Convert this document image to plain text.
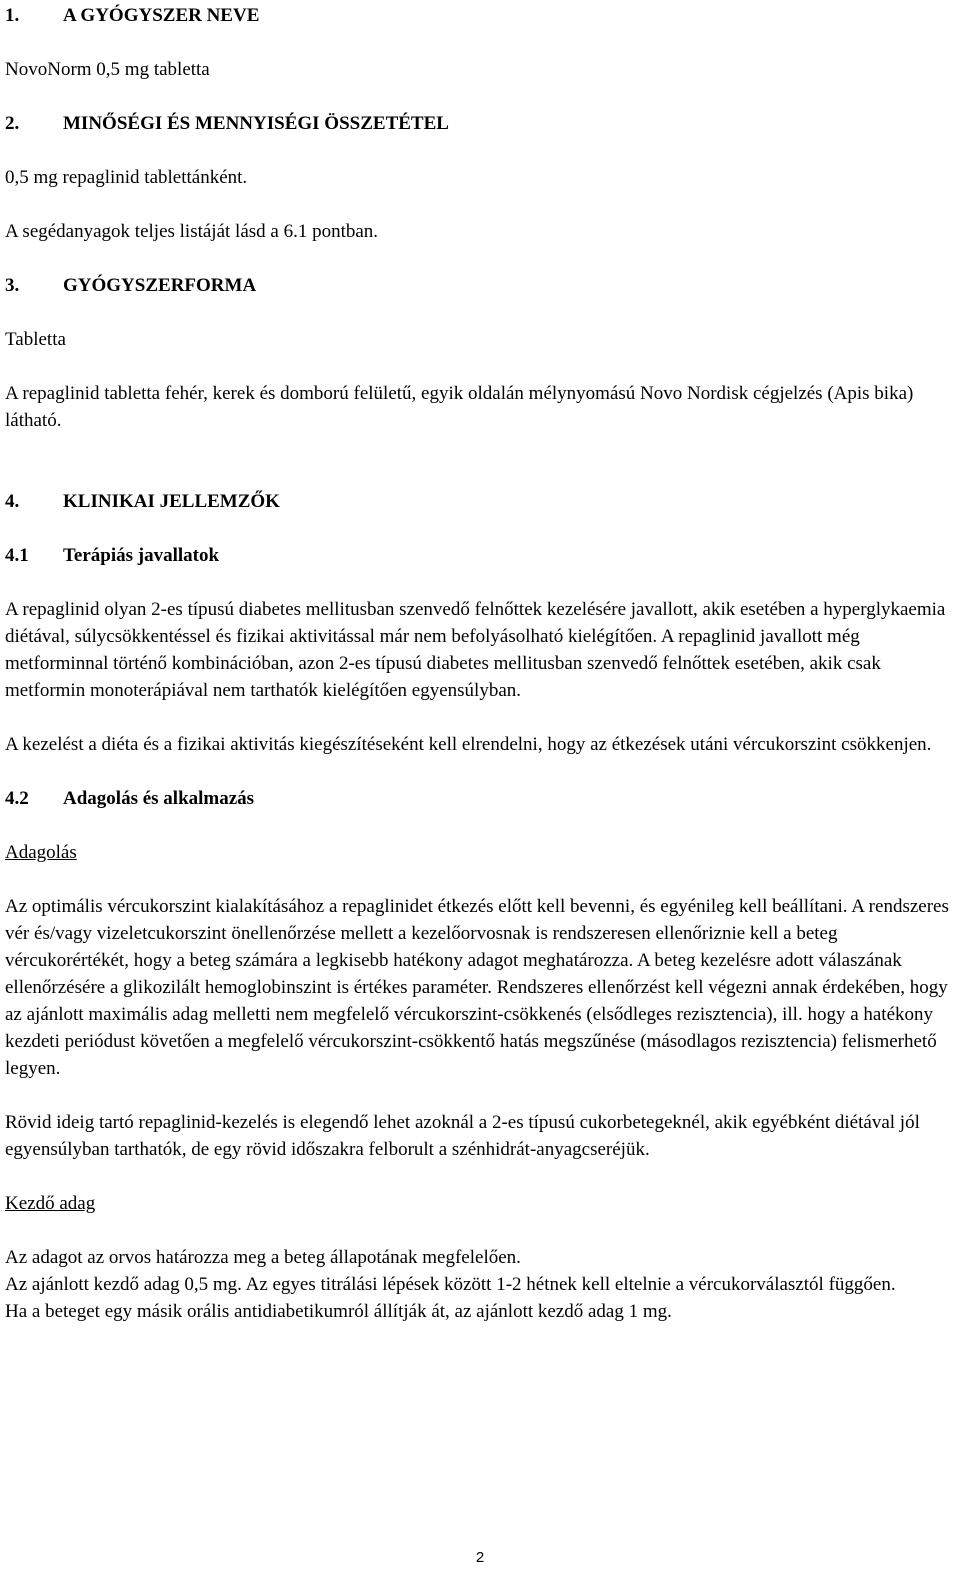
1. A GYÓGYSZER NEVE

NovoNorm 0,5 mg tabletta

2. MINŐSÉGI ÉS MENNYISÉGI ÖSSZETÉTEL

0,5 mg repaglinid tablettánként.

A segédanyagok teljes listáját lásd a 6.1 pontban.

3. GYÓGYSZERFORMA

Tabletta

A repaglinid tabletta fehér, kerek és domború felületű, egyik oldalán mélynyomású Novo Nordisk cégjelzés (Apis bika) látható.

4. KLINIKAI JELLEMZŐK
4.1 Terápiás javallatok

A repaglinid olyan 2-es típusú diabetes mellitusban szenvedő felnőttek kezelésére javallott, akik esetében a hyperglykaemia diétával, súlycsökkentéssel és fizikai aktivitással már nem befolyásolható kielégítően. A repaglinid javallott még metforminnal történő kombinációban, azon 2-es típusú diabetes mellitusban szenvedő felnőttek esetében, akik csak metformin monoterápiával nem tarthatók kielégítően egyensúlyban.

A kezelést a diéta és a fizikai aktivitás kiegészítéseként kell elrendelni, hogy az étkezések utáni vércukorszint csökkenjen.

4.2 Adagolás és alkalmazás

Adagolás

Az optimális vércukorszint kialakításához a repaglinidet étkezés előtt kell bevenni, és egyénileg kell beállítani. A rendszeres vér és/vagy vizeletcukorszint önellenőrzése mellett a kezelőorvosnak is rendszeresen ellenőriznie kell a beteg vércukorértékét, hogy a beteg számára a legkisebb hatékony adagot meghatározza. A beteg kezelésre adott válaszának ellenőrzésére a glikozilált hemoglobinszint is értékes paraméter. Rendszeres ellenőrzést kell végezni annak érdekében, hogy az ajánlott maximális adag melletti nem megfelelő vércukorszint-csökkenés (elsődleges rezisztencia), ill. hogy a hatékony kezdeti periódust követően a megfelelő vércukorszint-csökkentő hatás megszűnése (másodlagos rezisztencia) felismerhető legyen.

Rövid ideig tartó repaglinid-kezelés is elegendő lehet azoknál a 2-es típusú cukorbetegeknél, akik egyébként diétával jól egyensúlyban tarthatók, de egy rövid időszakra felborult a szénhidrát-anyagcseréjük.

Kezdő adag

Az adagot az orvos határozza meg a beteg állapotának megfelelően.

Az ajánlott kezdő adag 0,5 mg. Az egyes titrálási lépések között 1-2 hétnek kell eltelnie a vércukorválasztól függően.

Ha a beteget egy másik orális antidiabetikumról állítják át, az ajánlott kezdő adag 1 mg.

2
